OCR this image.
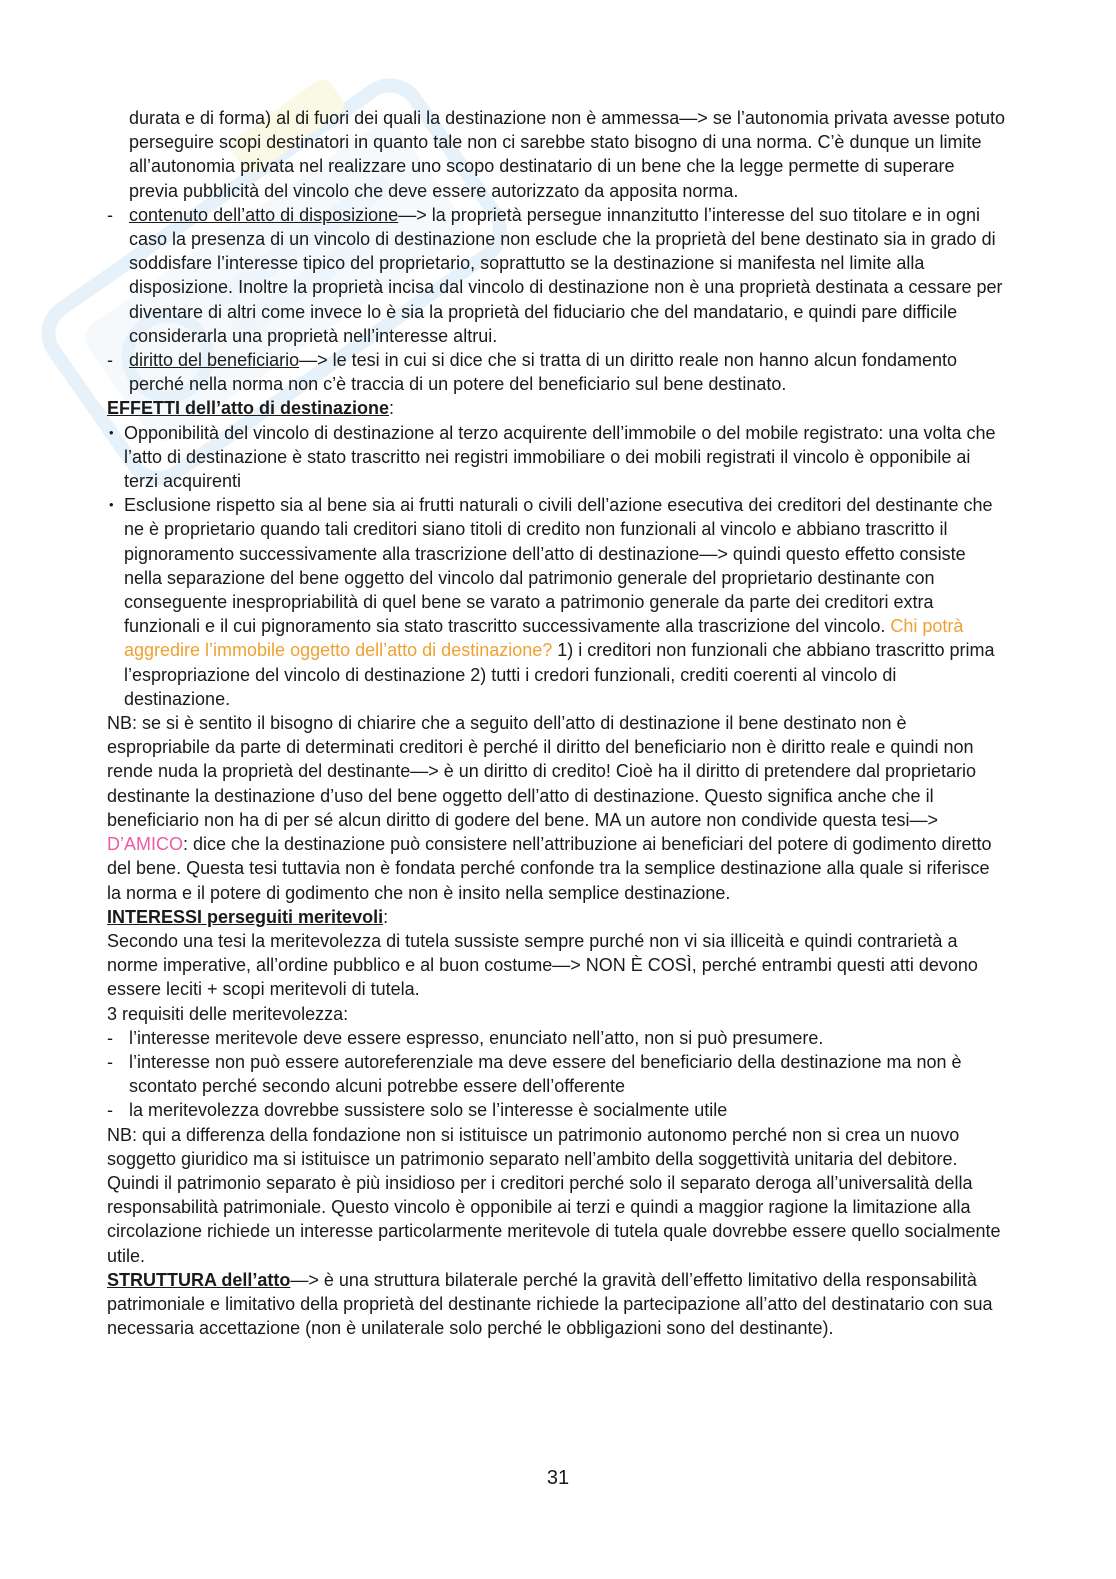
durata e di forma) al di fuori dei quali la destinazione non è ammessa—> se l’autonomia privata avesse potuto perseguire scopi destinatori in quanto tale non ci sarebbe stato bisogno di una norma. C’è dunque un limite all’autonomia privata nel realizzare uno scopo destinatario di un bene che la legge permette di superare previa pubblicità del vincolo che deve essere autorizzato da apposita norma.

- contenuto dell’atto di disposizione—> la proprietà persegue innanzitutto l’interesse del suo titolare e in ogni caso la presenza di un vincolo di destinazione non esclude che la proprietà del bene destinato sia in grado di soddisfare l’interesse tipico del proprietario, soprattutto se la destinazione si manifesta nel limite alla disposizione. Inoltre la proprietà incisa dal vincolo di destinazione non è una proprietà destinata a cessare per diventare di altri come invece lo è sia la proprietà del fiduciario che del mandatario, e quindi pare difficile considerarla una proprietà nell’interesse altrui.
- diritto del beneficiario—> le tesi in cui si dice che si tratta di un diritto reale non hanno alcun fondamento perché nella norma non c’è traccia di un potere del beneficiario sul bene destinato.

EFFETTI dell’atto di destinazione:

• Opponibilità del vincolo di destinazione al terzo acquirente dell’immobile o del mobile registrato: una volta che l’atto di destinazione è stato trascritto nei registri immobiliare o dei mobili registrati il vincolo è opponibile ai terzi acquirenti
• Esclusione rispetto sia al bene sia ai frutti naturali o civili dell’azione esecutiva dei creditori del destinante che ne è proprietario quando tali creditori siano titoli di credito non funzionali al vincolo e abbiano trascritto il pignoramento successivamente alla trascrizione dell’atto di destinazione—> quindi questo effetto consiste nella separazione del bene oggetto del vincolo dal patrimonio generale del proprietario destinante con conseguente inespropriabilità di quel bene se varato a patrimonio generale da parte dei creditori extra funzionali e il cui pignoramento sia stato trascritto successivamente alla trascrizione del vincolo. Chi potrà aggredire l’immobile oggetto dell’atto di destinazione? 1) i creditori non funzionali che abbiano trascritto prima l’espropriazione del vincolo di destinazione 2) tutti i credori funzionali, crediti coerenti al vincolo di destinazione.

NB: se si è sentito il bisogno di chiarire che a seguito dell’atto di destinazione il bene destinato non è espropriabile da parte di determinati creditori è perché il diritto del beneficiario non è diritto reale e quindi non rende nuda la proprietà del destinante—> è un diritto di credito! Cioè ha il diritto di pretendere dal proprietario destinante la destinazione d’uso del bene oggetto dell’atto di destinazione. Questo significa anche che il beneficiario non ha di per sé alcun diritto di godere del bene. MA un autore non condivide questa tesi—> D’AMICO: dice che la destinazione può consistere nell’attribuzione ai beneficiari del potere di godimento diretto del bene. Questa tesi tuttavia non è fondata perché confonde tra la semplice destinazione alla quale si riferisce la norma e il potere di godimento che non è insito nella semplice destinazione.

INTERESSI perseguiti meritevoli:

Secondo una tesi la meritevolezza di tutela sussiste sempre purché non vi sia illiceità e quindi contrarietà a norme imperative, all’ordine pubblico e al buon costume—> NON È COSÌ, perché entrambi questi atti devono essere leciti + scopi meritevoli di tutela.

3 requisiti delle meritevolezza:

- l’interesse meritevole deve essere espresso, enunciato nell’atto, non si può presumere.
- l’interesse non può essere autoreferenziale ma deve essere del beneficiario della destinazione ma non è scontato perché secondo alcuni potrebbe essere dell’offerente
- la meritevolezza dovrebbe sussistere solo se l’interesse è socialmente utile

NB: qui a differenza della fondazione non si istituisce un patrimonio autonomo perché non si crea un nuovo soggetto giuridico ma si istituisce un patrimonio separato nell’ambito della soggettività unitaria del debitore. Quindi il patrimonio separato è più insidioso per i creditori perché solo il separato deroga all’universalità della responsabilità patrimoniale. Questo vincolo è opponibile ai terzi e quindi a maggior ragione la limitazione alla circolazione richiede un interesse particolarmente meritevole di tutela quale dovrebbe essere quello socialmente utile.

STRUTTURA dell’atto—> è una struttura bilaterale perché la gravità dell’effetto limitativo della responsabilità patrimoniale e limitativo della proprietà del destinante richiede la partecipazione all’atto del destinatario con sua necessaria accettazione (non è unilaterale solo perché le obbligazioni sono del destinante).

31
